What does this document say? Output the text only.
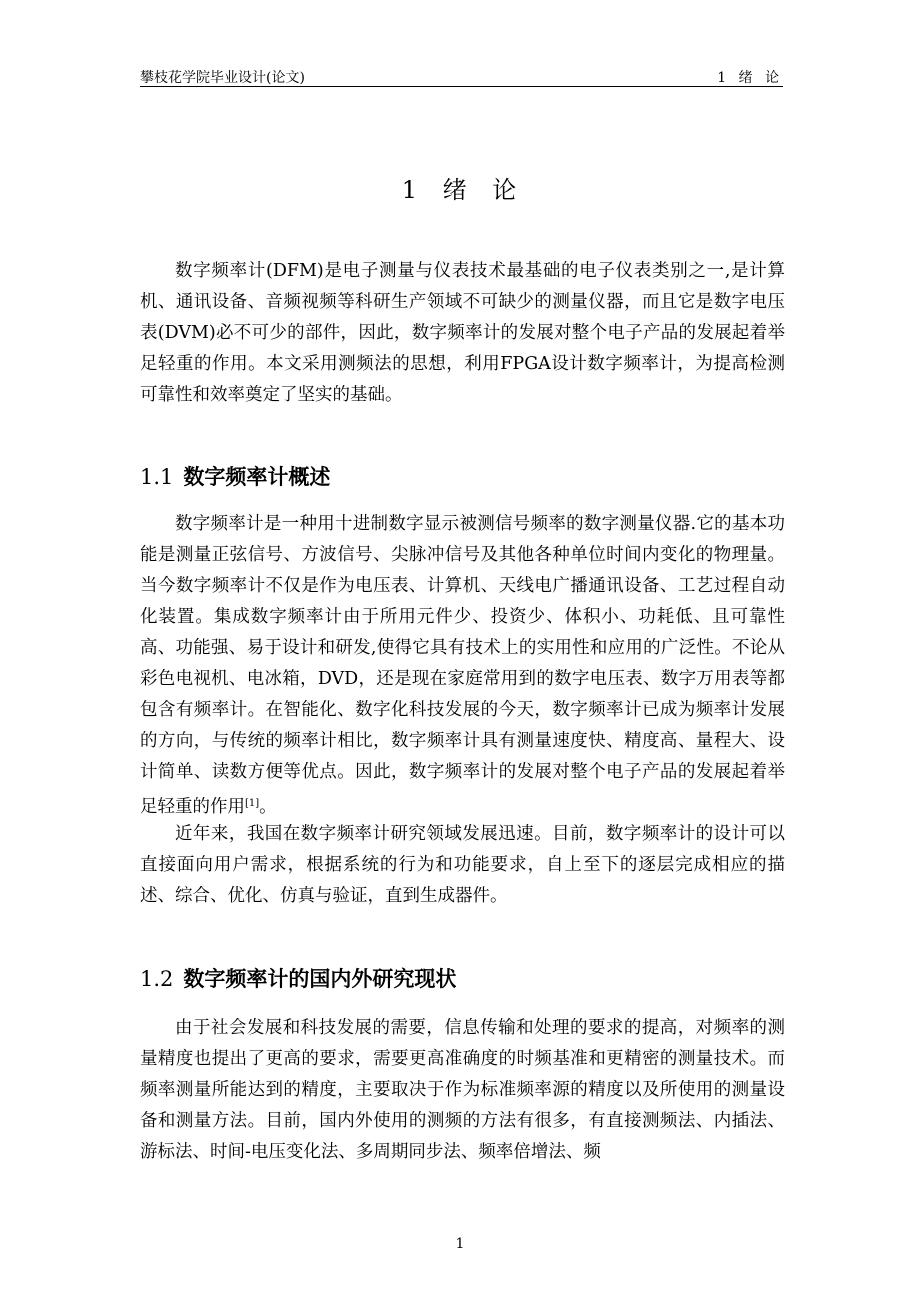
攀枝花学院毕业设计(论文)	1 绪 论
1 绪 论

数字频率计(DFM)是电子测量与仪表技术最基础的电子仪表类别之一,是计算机、通讯设备、音频视频等科研生产领域不可缺少的测量仪器，而且它是数字电压表(DVM)必不可少的部件，因此，数字频率计的发展对整个电子产品的发展起着举足轻重的作用。本文采用测频法的思想，利用FPGA设计数字频率计，为提高检测可靠性和效率奠定了坚实的基础。

1.1 数字频率计概述

数字频率计是一种用十进制数字显示被测信号频率的数字测量仪器.它的基本功能是测量正弦信号、方波信号、尖脉冲信号及其他各种单位时间内变化的物理量。当今数字频率计不仅是作为电压表、计算机、天线电广播通讯设备、工艺过程自动化装置。集成数字频率计由于所用元件少、投资少、体积小、功耗低、且可靠性高、功能强、易于设计和研发,使得它具有技术上的实用性和应用的广泛性。不论从彩色电视机、电冰箱，DVD，还是现在家庭常用到的数字电压表、数字万用表等都包含有频率计。在智能化、数字化科技发展的今天，数字频率计已成为频率计发展的方向，与传统的频率计相比，数字频率计具有测量速度快、精度高、量程大、设计简单、读数方便等优点。因此，数字频率计的发展对整个电子产品的发展起着举足轻重的作用[1]。

近年来，我国在数字频率计研究领域发展迅速。目前，数字频率计的设计可以直接面向用户需求，根据系统的行为和功能要求，自上至下的逐层完成相应的描述、综合、优化、仿真与验证，直到生成器件。

1.2 数字频率计的国内外研究现状

由于社会发展和科技发展的需要，信息传输和处理的要求的提高，对频率的测量精度也提出了更高的要求，需要更高准确度的时频基准和更精密的测量技术。而频率测量所能达到的精度，主要取决于作为标准频率源的精度以及所使用的测量设备和测量方法。目前，国内外使用的测频的方法有很多，有直接测频法、内插法、游标法、时间-电压变化法、多周期同步法、频率倍增法、频

1
